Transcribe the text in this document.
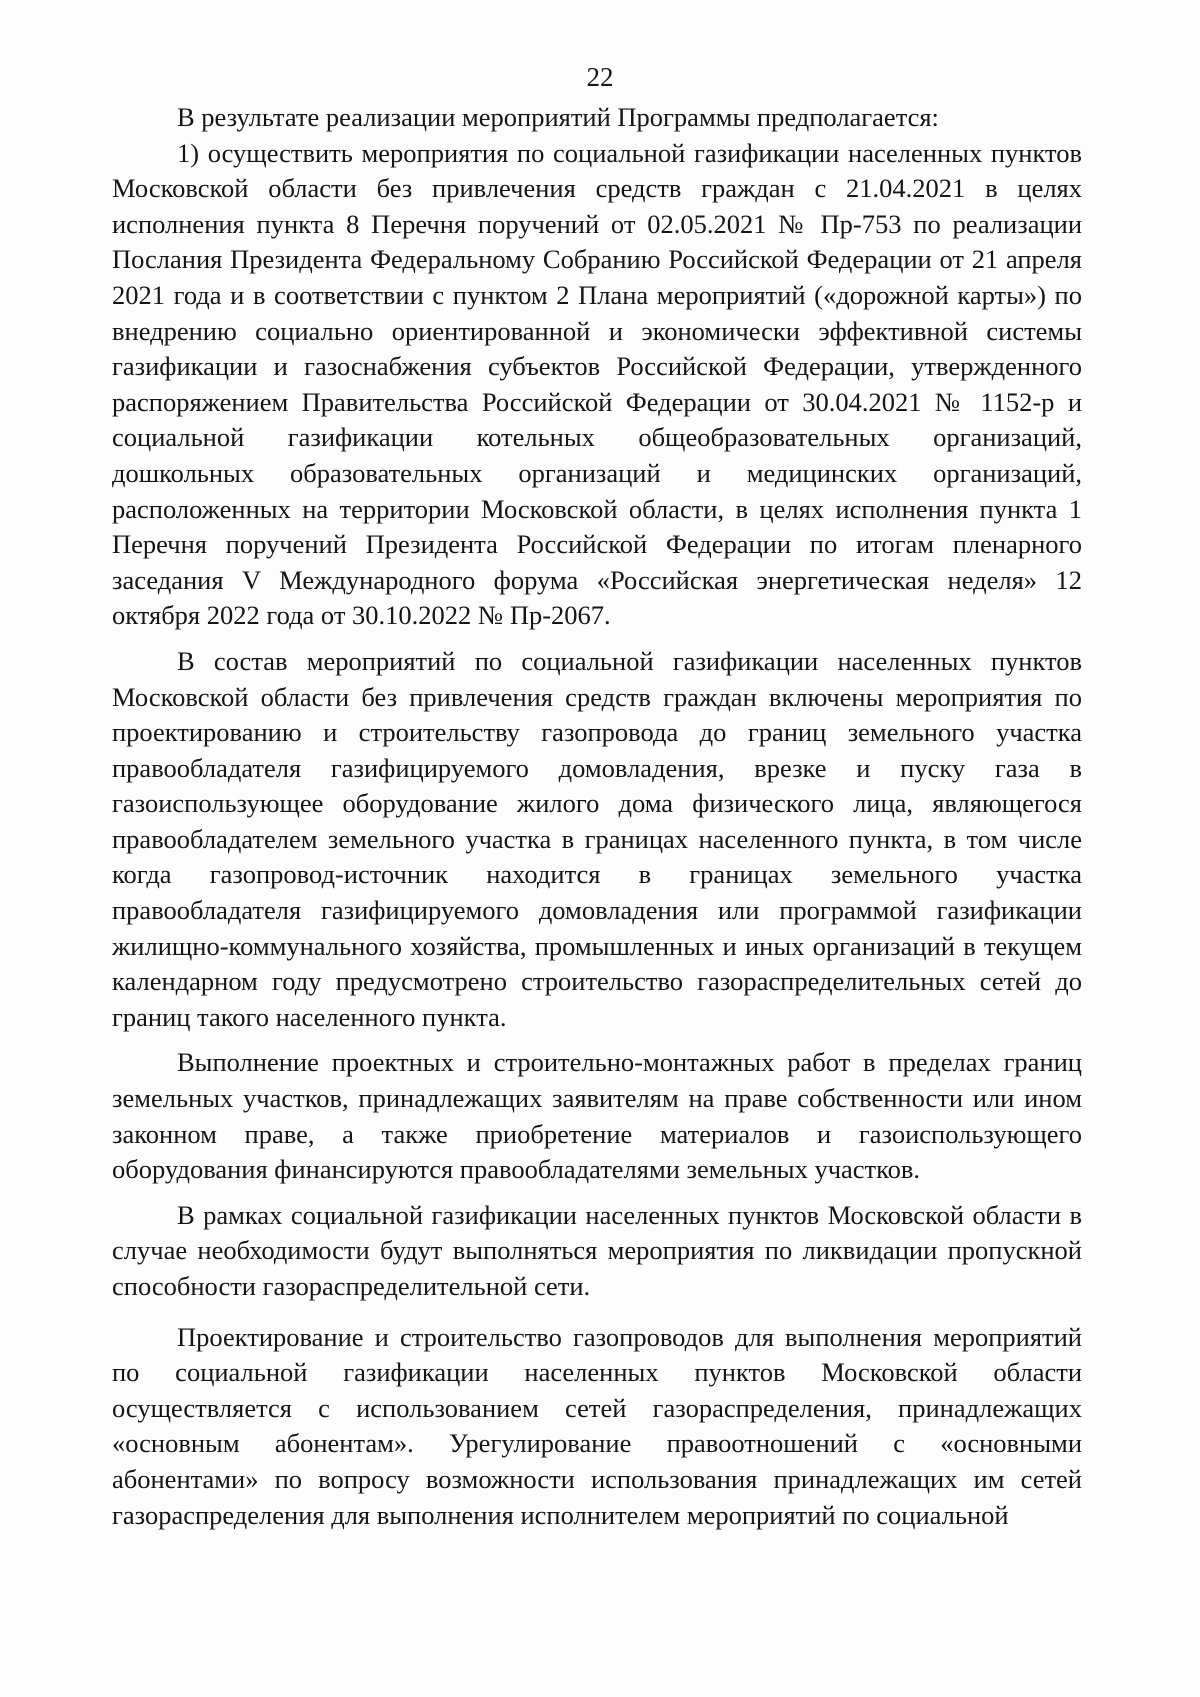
22

В результате реализации мероприятий Программы предполагается:

1) осуществить мероприятия по социальной газификации населенных пунктов Московской области без привлечения средств граждан с 21.04.2021 в целях исполнения пункта 8 Перечня поручений от 02.05.2021 № Пр-753 по реализации Послания Президента Федеральному Собранию Российской Федерации от 21 апреля 2021 года и в соответствии с пунктом 2 Плана мероприятий («дорожной карты») по внедрению социально ориентированной и экономически эффективной системы газификации и газоснабжения субъектов Российской Федерации, утвержденного распоряжением Правительства Российской Федерации от 30.04.2021 № 1152-р и социальной газификации котельных общеобразовательных организаций, дошкольных образовательных организаций и медицинских организаций, расположенных на территории Московской области, в целях исполнения пункта 1 Перечня поручений Президента Российской Федерации по итогам пленарного заседания V Международного форума «Российская энергетическая неделя» 12 октября 2022 года от 30.10.2022 № Пр-2067.

В состав мероприятий по социальной газификации населенных пунктов Московской области без привлечения средств граждан включены мероприятия по проектированию и строительству газопровода до границ земельного участка правообладателя газифицируемого домовладения, врезке и пуску газа в газоиспользующее оборудование жилого дома физического лица, являющегося правообладателем земельного участка в границах населенного пункта, в том числе когда газопровод-источник находится в границах земельного участка правообладателя газифицируемого домовладения или программой газификации жилищно-коммунального хозяйства, промышленных и иных организаций в текущем календарном году предусмотрено строительство газораспределительных сетей до границ такого населенного пункта.

Выполнение проектных и строительно-монтажных работ в пределах границ земельных участков, принадлежащих заявителям на праве собственности или ином законном праве, а также приобретение материалов и газоиспользующего оборудования финансируются правообладателями земельных участков.

В рамках социальной газификации населенных пунктов Московской области в случае необходимости будут выполняться мероприятия по ликвидации пропускной способности газораспределительной сети.

Проектирование и строительство газопроводов для выполнения мероприятий по социальной газификации населенных пунктов Московской области осуществляется с использованием сетей газораспределения, принадлежащих «основным абонентам». Урегулирование правоотношений с «основными абонентами» по вопросу возможности использования принадлежащих им сетей газораспределения для выполнения исполнителем мероприятий по социальной
